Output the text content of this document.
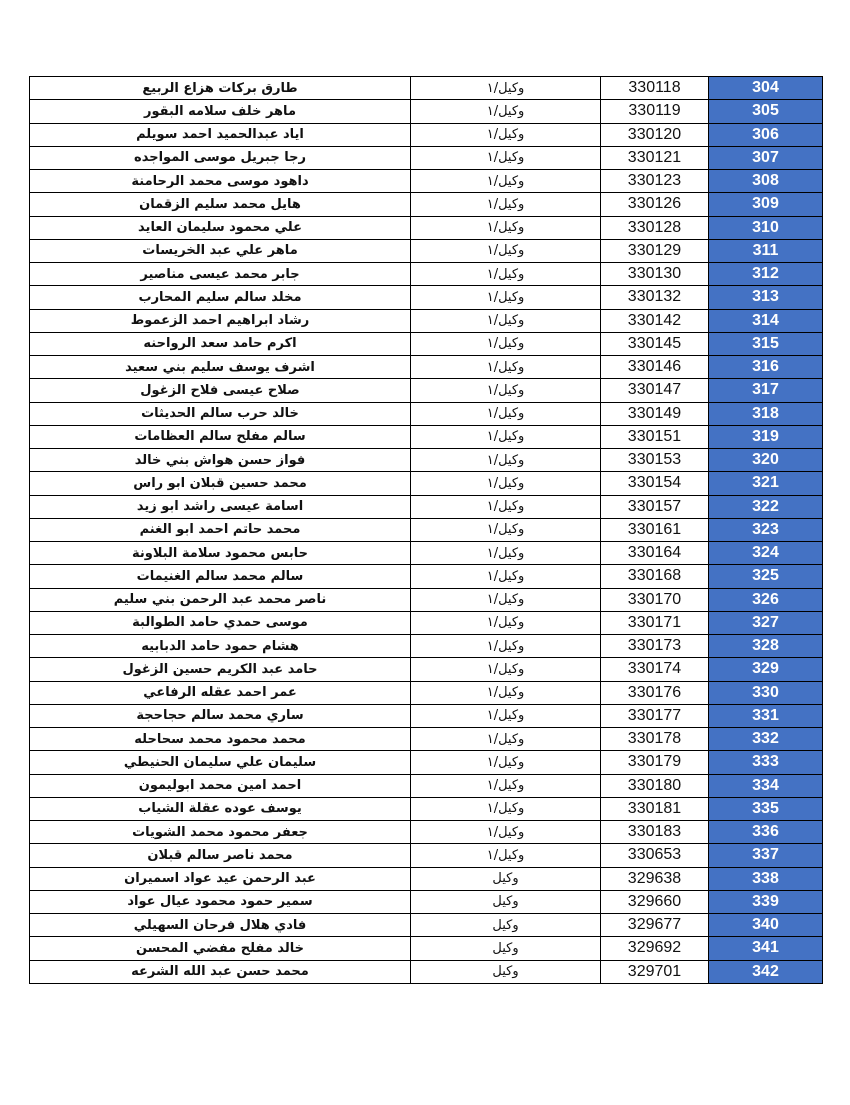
طارق بركات هزاع الربيع	وكيل/١	330118	304
ماهر خلف سلامه البقور	وكيل/١	330119	305
اياد عبدالحميد احمد سويلم	وكيل/١	330120	306
رجا جبريل موسى المواجده	وكيل/١	330121	307
داهود موسى محمد الرحامنة	وكيل/١	330123	308
هايل محمد سليم الزقمان	وكيل/١	330126	309
علي محمود سليمان العايد	وكيل/١	330128	310
ماهر علي عبد الخريسات	وكيل/١	330129	311
جابر محمد عيسى مناصير	وكيل/١	330130	312
مخلد سالم سليم المحارب	وكيل/١	330132	313
رشاد ابراهيم احمد الزعموط	وكيل/١	330142	314
اكرم حامد سعد الرواحنه	وكيل/١	330145	315
اشرف يوسف سليم بني سعيد	وكيل/١	330146	316
صلاح عيسى فلاح الزغول	وكيل/١	330147	317
خالد حرب سالم الحديثات	وكيل/١	330149	318
سالم مفلح سالم العظامات	وكيل/١	330151	319
فواز حسن هواش بني خالد	وكيل/١	330153	320
محمد حسين قبلان ابو راس	وكيل/١	330154	321
اسامة عيسى راشد ابو زيد	وكيل/١	330157	322
محمد حاتم احمد ابو الغنم	وكيل/١	330161	323
حابس محمود سلامة البلاونة	وكيل/١	330164	324
سالم محمد سالم الغنيمات	وكيل/١	330168	325
ناصر محمد عبد الرحمن بني سليم	وكيل/١	330170	326
موسى حمدي حامد الطوالبة	وكيل/١	330171	327
هشام حمود حامد الدبابيه	وكيل/١	330173	328
حامد عبد الكريم حسين الزغول	وكيل/١	330174	329
عمر احمد عقله الرفاعي	وكيل/١	330176	330
ساري محمد سالم حجاحجة	وكيل/١	330177	331
محمد محمود محمد سحاحله	وكيل/١	330178	332
سليمان علي سليمان الحنيطي	وكيل/١	330179	333
احمد امين محمد ابوليمون	وكيل/١	330180	334
يوسف عوده عقلة الشياب	وكيل/١	330181	335
جعفر محمود محمد الشويات	وكيل/١	330183	336
محمد ناصر سالم قبلان	وكيل/١	330653	337
عبد الرحمن عيد عواد اسميران	وكيل	329638	338
سمير حمود محمود عيال عواد	وكيل	329660	339
فادي هلال فرحان السهيلي	وكيل	329677	340
خالد مفلح مفضي المحسن	وكيل	329692	341
محمد حسن عبد الله الشرعه	وكيل	329701	342
